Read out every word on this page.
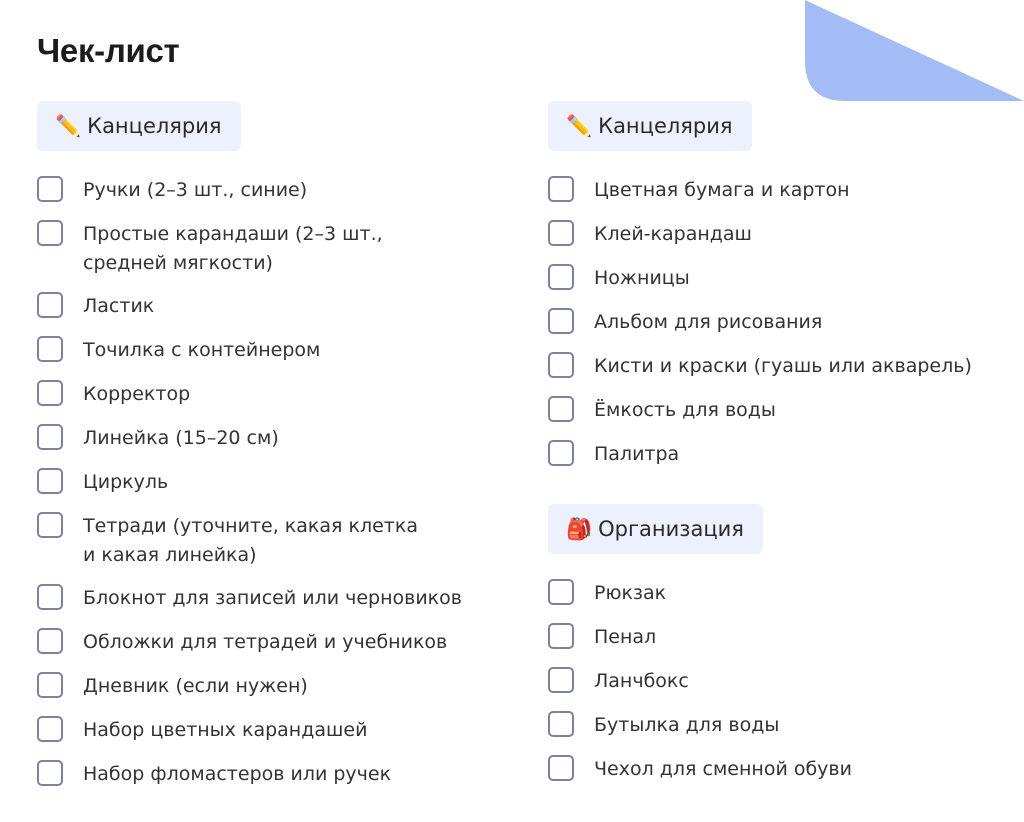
Чек-лист
✏️ Канцелярия
Ручки (2–3 шт., синие)
Простые карандаши (2–3 шт.,
средней мягкости)
Ластик
Точилка с контейнером
Корректор
Линейка (15–20 см)
Циркуль
Тетради (уточните, какая клетка
и какая линейка)
Блокнот для записей или черновиков
Обложки для тетрадей и учебников
Дневник (если нужен)
Набор цветных карандашей
Набор фломастеров или ручек
✏️ Канцелярия
Цветная бумага и картон
Клей-карандаш
Ножницы
Альбом для рисования
Кисти и краски (гуашь или акварель)
Ёмкость для воды
Палитра
🎒 Организация
Рюкзак
Пенал
Ланчбокс
Бутылка для воды
Чехол для сменной обуви
